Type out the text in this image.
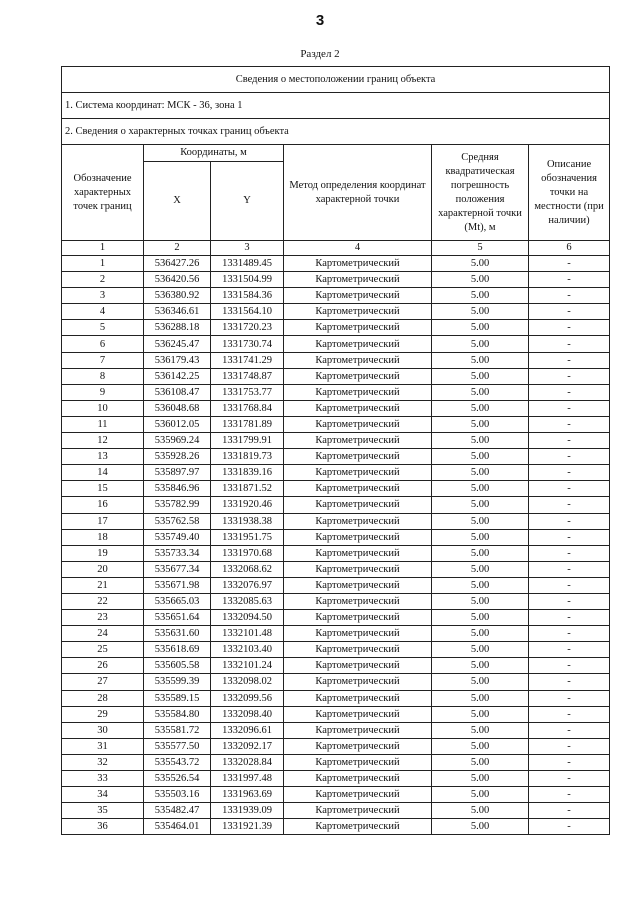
3
Раздел 2
Сведения о местоположении границ объекта					
1. Система координат: МСК - 36, зона 1					
2. Сведения о характерных точках границ объекта					
Обозначение характерных точек границ	Координаты, м		Метод определения координат характерной точки	Средняя квадратическая погрешность положения характерной точки (Mt), м	Описание обозначения точки на местности (при наличии)
	X	Y			
1	2	3	4	5	6
1	536427.26	1331489.45	Картометрический	5.00	-
2	536420.56	1331504.99	Картометрический	5.00	-
3	536380.92	1331584.36	Картометрический	5.00	-
4	536346.61	1331564.10	Картометрический	5.00	-
5	536288.18	1331720.23	Картометрический	5.00	-
6	536245.47	1331730.74	Картометрический	5.00	-
7	536179.43	1331741.29	Картометрический	5.00	-
8	536142.25	1331748.87	Картометрический	5.00	-
9	536108.47	1331753.77	Картометрический	5.00	-
10	536048.68	1331768.84	Картометрический	5.00	-
11	536012.05	1331781.89	Картометрический	5.00	-
12	535969.24	1331799.91	Картометрический	5.00	-
13	535928.26	1331819.73	Картометрический	5.00	-
14	535897.97	1331839.16	Картометрический	5.00	-
15	535846.96	1331871.52	Картометрический	5.00	-
16	535782.99	1331920.46	Картометрический	5.00	-
17	535762.58	1331938.38	Картометрический	5.00	-
18	535749.40	1331951.75	Картометрический	5.00	-
19	535733.34	1331970.68	Картометрический	5.00	-
20	535677.34	1332068.62	Картометрический	5.00	-
21	535671.98	1332076.97	Картометрический	5.00	-
22	535665.03	1332085.63	Картометрический	5.00	-
23	535651.64	1332094.50	Картометрический	5.00	-
24	535631.60	1332101.48	Картометрический	5.00	-
25	535618.69	1332103.40	Картометрический	5.00	-
26	535605.58	1332101.24	Картометрический	5.00	-
27	535599.39	1332098.02	Картометрический	5.00	-
28	535589.15	1332099.56	Картометрический	5.00	-
29	535584.80	1332098.40	Картометрический	5.00	-
30	535581.72	1332096.61	Картометрический	5.00	-
31	535577.50	1332092.17	Картометрический	5.00	-
32	535543.72	1332028.84	Картометрический	5.00	-
33	535526.54	1331997.48	Картометрический	5.00	-
34	535503.16	1331963.69	Картометрический	5.00	-
35	535482.47	1331939.09	Картометрический	5.00	-
36	535464.01	1331921.39	Картометрический	5.00	-
